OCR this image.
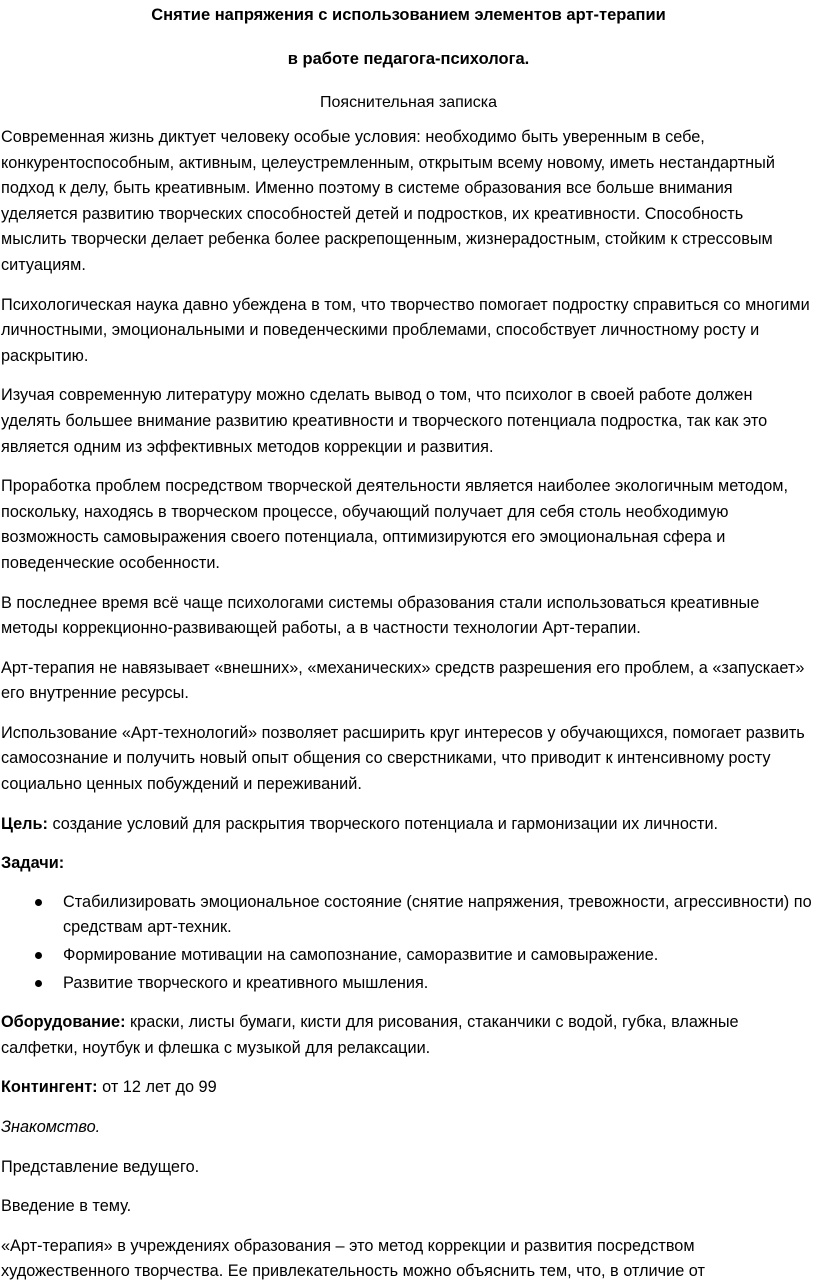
Снятие напряжения с использованием элементов арт-терапии
в работе педагога-психолога.
Пояснительная записка

Современная жизнь диктует человеку особые условия: необходимо быть уверенным в себе, конкурентоспособным, активным, целеустремленным, открытым всему новому, иметь нестандартный подход к делу, быть креативным. Именно поэтому в системе образования все больше внимания уделяется развитию творческих способностей детей и подростков, их креативности. Способность мыслить творчески делает ребенка более раскрепощенным, жизнерадостным, стойким к стрессовым ситуациям.

Психологическая наука давно убеждена в том, что творчество помогает подростку справиться со многими личностными, эмоциональными и поведенческими проблемами, способствует личностному росту и раскрытию.

Изучая современную литературу можно сделать вывод о том, что психолог в своей работе должен уделять большее внимание развитию креативности и творческого потенциала подростка, так как это является одним из эффективных методов коррекции и развития.

Проработка проблем посредством творческой деятельности является наиболее экологичным методом, поскольку, находясь в творческом процессе, обучающий получает для себя столь необходимую возможность самовыражения своего потенциала, оптимизируются его эмоциональная сфера и поведенческие особенности.

В последнее время всё чаще психологами системы образования стали использоваться креативные методы коррекционно-развивающей работы, а в частности технологии Арт-терапии.

Арт-терапия не навязывает «внешних», «механических» средств разрешения его проблем, а «запускает» его внутренние ресурсы.

Использование «Арт-технологий» позволяет расширить круг интересов у обучающихся, помогает развить самосознание и получить новый опыт общения со сверстниками, что приводит к интенсивному росту социально ценных побуждений и переживаний.

Цель: создание условий для раскрытия творческого потенциала и гармонизации их личности.

Задачи:

Стабилизировать эмоциональное состояние (снятие напряжения, тревожности, агрессивности) по средствам арт-техник.
Формирование мотивации на самопознание, саморазвитие и самовыражение.
Развитие творческого и креативного мышления.

Оборудование: краски, листы бумаги, кисти для рисования, стаканчики с водой, губка, влажные салфетки, ноутбук и флешка с музыкой для релаксации.

Контингент: от 12 лет до 99

Знакомство.

Представление ведущего.

Введение в тему.

«Арт-терапия» в учреждениях образования – это метод коррекции и развития посредством художественного творчества. Ее привлекательность можно объяснить тем, что, в отличие от
